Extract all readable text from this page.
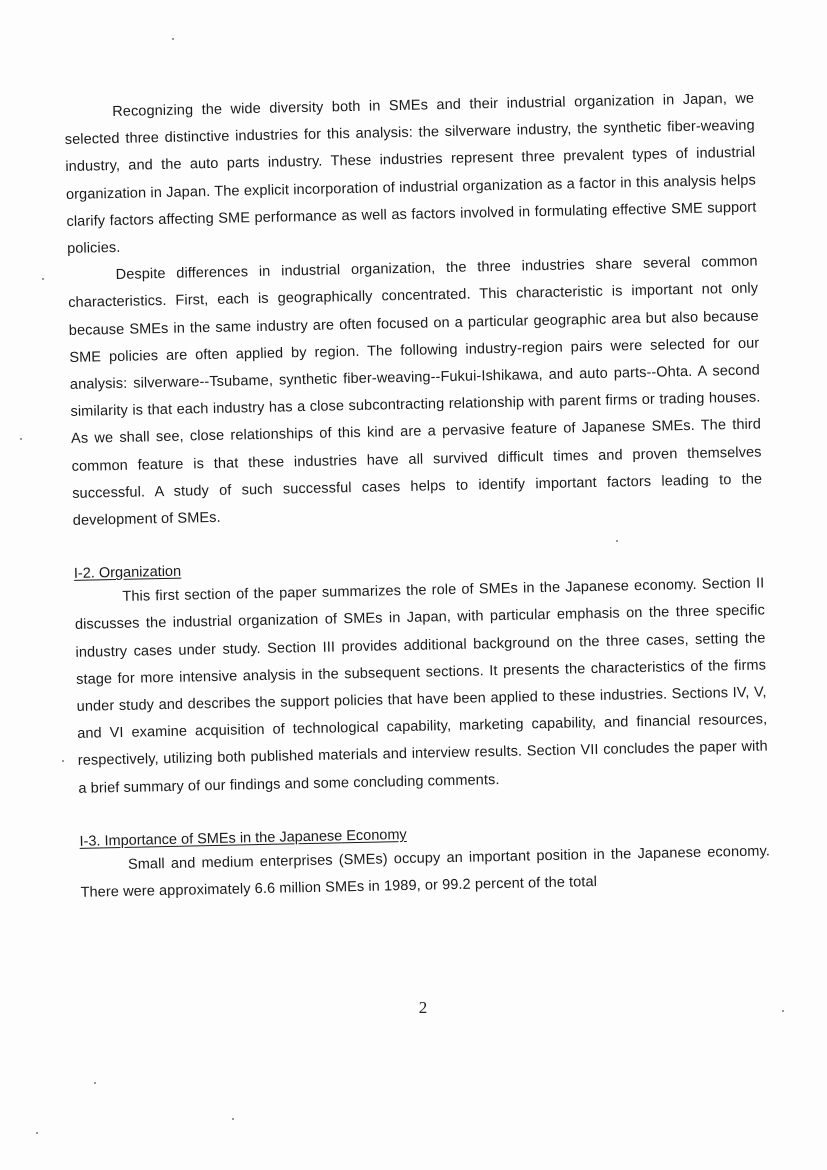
Recognizing the wide diversity both in SMEs and their industrial organization in Japan, we selected three distinctive industries for this analysis: the silverware industry, the synthetic fiber-weaving industry, and the auto parts industry. These industries represent three prevalent types of industrial organization in Japan. The explicit incorporation of industrial organization as a factor in this analysis helps clarify factors affecting SME performance as well as factors involved in formulating effective SME support policies.

Despite differences in industrial organization, the three industries share several common characteristics. First, each is geographically concentrated. This characteristic is important not only because SMEs in the same industry are often focused on a particular geographic area but also because SME policies are often applied by region. The following industry-region pairs were selected for our analysis: silverware--Tsubame, synthetic fiber-weaving--Fukui-Ishikawa, and auto parts--Ohta. A second similarity is that each industry has a close subcontracting relationship with parent firms or trading houses. As we shall see, close relationships of this kind are a pervasive feature of Japanese SMEs. The third common feature is that these industries have all survived difficult times and proven themselves successful. A study of such successful cases helps to identify important factors leading to the development of SMEs.

I-2. Organization

This first section of the paper summarizes the role of SMEs in the Japanese economy. Section II discusses the industrial organization of SMEs in Japan, with particular emphasis on the three specific industry cases under study. Section III provides additional background on the three cases, setting the stage for more intensive analysis in the subsequent sections. It presents the characteristics of the firms under study and describes the support policies that have been applied to these industries. Sections IV, V, and VI examine acquisition of technological capability, marketing capability, and financial resources, respectively, utilizing both published materials and interview results. Section VII concludes the paper with a brief summary of our findings and some concluding comments.

I-3. Importance of SMEs in the Japanese Economy

Small and medium enterprises (SMEs) occupy an important position in the Japanese economy. There were approximately 6.6 million SMEs in 1989, or 99.2 percent of the total

2
